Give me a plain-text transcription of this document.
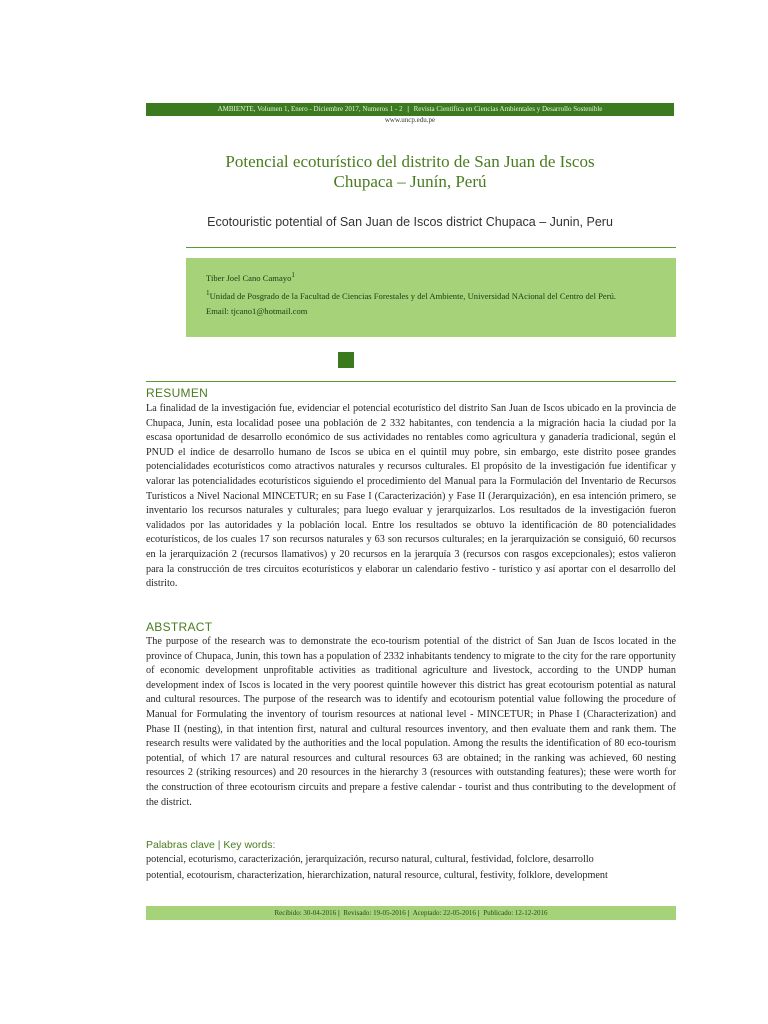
AMBIENTE, Volumen 1, Enero - Diciembre 2017, Numeros 1 - 2 | Revista Científica en Ciencias Ambientales y Desarrollo Sostenible
www.uncp.edu.pe
Potencial ecoturístico del distrito de San Juan de Iscos
Chupaca – Junín, Perú
Ecotouristic potential of San Juan de Iscos district Chupaca – Junin, Peru
Tiber Joel Cano Camayo$^1$
$^1$Unidad de Posgrado de la Facultad de Ciencias Forestales y del Ambiente, Universidad NAcional del Centro del Perú.
Email: tjcano1@hotmail.com
RESUMEN
La finalidad de la investigación fue, evidenciar el potencial ecoturístico del distrito San Juan de Iscos ubicado en la provincia de Chupaca, Junín, esta localidad posee una población de 2 332 habitantes, con tendencia a la migración hacia la ciudad por la escasa oportunidad de desarrollo económico de sus actividades no rentables como agricultura y ganadería tradicional, según el PNUD el índice de desarrollo humano de Iscos se ubica en el quintil muy pobre, sin embargo, este distrito posee grandes potencialidades ecoturísticos como atractivos naturales y recursos culturales. El propósito de la investigación fue identificar y valorar las potencialidades ecoturísticos siguiendo el procedimiento del Manual para la Formulación del Inventario de Recursos Turísticos a Nivel Nacional MINCETUR; en su Fase I (Caracterización) y Fase II (Jerarquización), en esa intención primero, se inventario los recursos naturales y culturales; para luego evaluar y jerarquizarlos. Los resultados de la investigación fueron validados por las autoridades y la población local. Entre los resultados se obtuvo la identificación de 80 potencialidades ecoturísticos, de los cuales 17 son recursos naturales y 63 son recursos culturales; en la jerarquización se consiguió, 60 recursos en la jerarquización 2 (recursos llamativos) y 20 recursos en la jerarquía 3 (recursos con rasgos excepcionales); estos valieron para la construcción de tres circuitos ecoturísticos y elaborar un calendario festivo - turístico y así aportar con el desarrollo del distrito.
ABSTRACT
The purpose of the research was to demonstrate the eco-tourism potential of the district of San Juan de Iscos located in the province of Chupaca, Junin, this town has a population of 2332 inhabitants tendency to migrate to the city for the rare opportunity of economic development unprofitable activities as traditional agriculture and livestock, according to the UNDP human development index of Iscos is located in the very poorest quintile however this district has great ecotourism potential as natural and cultural resources. The purpose of the research was to identify and ecotourism potential value following the procedure of Manual for Formulating the inventory of tourism resources at national level - MINCETUR; in Phase I (Characterization) and Phase II (nesting), in that intention first, natural and cultural resources inventory, and then evaluate them and rank them. The research results were validated by the authorities and the local population. Among the results the identification of 80 eco-tourism potential, of which 17 are natural resources and cultural resources 63 are obtained; in the ranking was achieved, 60 nesting resources 2 (striking resources) and 20 resources in the hierarchy 3 (resources with outstanding features); these were worth for the construction of three ecotourism circuits and prepare a festive calendar - tourist and thus contributing to the development of the district.
Palabras clave | Key words:
potencial, ecoturismo, caracterización, jerarquización, recurso natural, cultural, festividad, folclore, desarrollo
potential, ecotourism, characterization, hierarchization, natural resource, cultural, festivity, folklore, development
Recibido: 30-04-2016 | Revisado: 19-05-2016 | Aceptado: 22-05-2016 | Publicado: 12-12-2016
